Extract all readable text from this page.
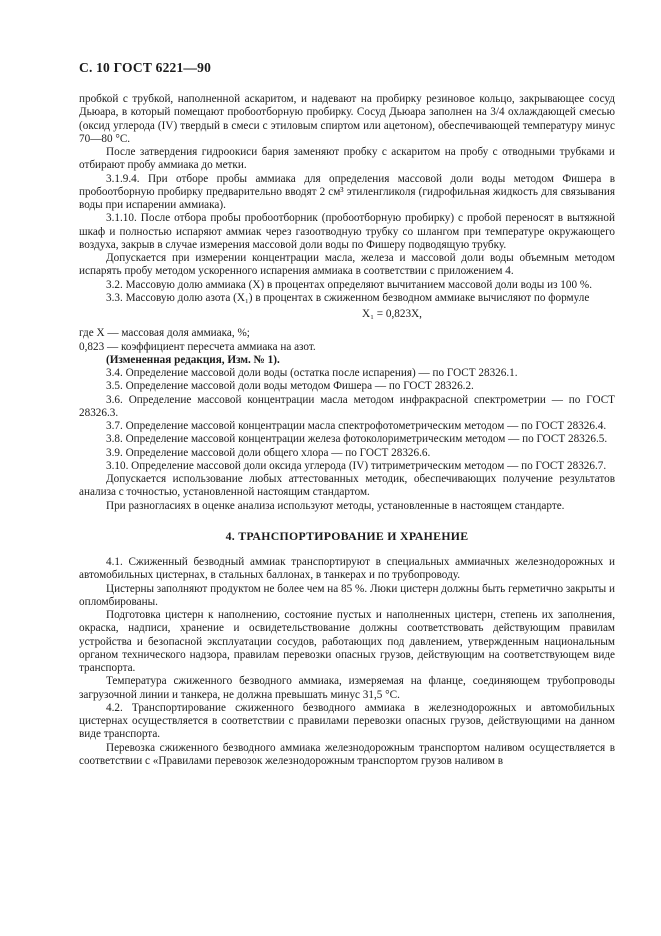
С. 10 ГОСТ 6221—90

пробкой с трубкой, наполненной аскаритом, и надевают на пробирку резиновое кольцо, закрывающее сосуд Дьюара, в который помещают пробоотборную пробирку. Сосуд Дьюара заполнен на 3/4 охлаждающей смесью (оксид углерода (IV) твердый в смеси с этиловым спиртом или ацетоном), обеспечивающей температуру минус 70—80 °С.

После затвердения гидроокиси бария заменяют пробку с аскаритом на пробу с отводными трубками и отбирают пробу аммиака до метки.

3.1.9.4. При отборе пробы аммиака для определения массовой доли воды методом Фишера в пробоотборную пробирку предварительно вводят 2 см³ этиленгликоля (гидрофильная жидкость для связывания воды при испарении аммиака).

3.1.10. После отбора пробы пробоотборник (пробоотборную пробирку) с пробой переносят в вытяжной шкаф и полностью испаряют аммиак через газоотводную трубку со шлангом при температуре окружающего воздуха, закрыв в случае измерения массовой доли воды по Фишеру подводящую трубку.

Допускается при измерении концентрации масла, железа и массовой доли воды объемным методом испарять пробу методом ускоренного испарения аммиака в соответствии с приложением 4.

3.2. Массовую долю аммиака (X) в процентах определяют вычитанием массовой доли воды из 100 %.

3.3. Массовую долю азота (X₁) в процентах в сжиженном безводном аммиаке вычисляют по формуле

X₁ = 0,823X,

где X — массовая доля аммиака, %;

0,823 — коэффициент пересчета аммиака на азот.

(Измененная редакция, Изм. № 1).

3.4. Определение массовой доли воды (остатка после испарения) — по ГОСТ 28326.1.

3.5. Определение массовой доли воды методом Фишера — по ГОСТ 28326.2.

3.6. Определение массовой концентрации масла методом инфракрасной спектрометрии — по ГОСТ 28326.3.

3.7. Определение массовой концентрации масла спектрофотометрическим методом — по ГОСТ 28326.4.

3.8. Определение массовой концентрации железа фотоколориметрическим методом — по ГОСТ 28326.5.

3.9. Определение массовой доли общего хлора — по ГОСТ 28326.6.

3.10. Определение массовой доли оксида углерода (IV) титриметрическим методом — по ГОСТ 28326.7.

Допускается использование любых аттестованных методик, обеспечивающих получение результатов анализа с точностью, установленной настоящим стандартом.

При разногласиях в оценке анализа используют методы, установленные в настоящем стандарте.

4. ТРАНСПОРТИРОВАНИЕ И ХРАНЕНИЕ

4.1. Сжиженный безводный аммиак транспортируют в специальных аммиачных железнодорожных и автомобильных цистернах, в стальных баллонах, в танкерах и по трубопроводу.

Цистерны заполняют продуктом не более чем на 85 %. Люки цистерн должны быть герметично закрыты и опломбированы.

Подготовка цистерн к наполнению, состояние пустых и наполненных цистерн, степень их заполнения, окраска, надписи, хранение и освидетельствование должны соответствовать действующим правилам устройства и безопасной эксплуатации сосудов, работающих под давлением, утвержденным национальным органом технического надзора, правилам перевозки опасных грузов, действующим на соответствующем виде транспорта.

Температура сжиженного безводного аммиака, измеряемая на фланце, соединяющем трубопроводы загрузочной линии и танкера, не должна превышать минус 31,5 °С.

4.2. Транспортирование сжиженного безводного аммиака в железнодорожных и автомобильных цистернах осуществляется в соответствии с правилами перевозки опасных грузов, действующими на данном виде транспорта.

Перевозка сжиженного безводного аммиака железнодорожным транспортом наливом осуществляется в соответствии с «Правилами перевозок железнодорожным транспортом грузов наливом в
